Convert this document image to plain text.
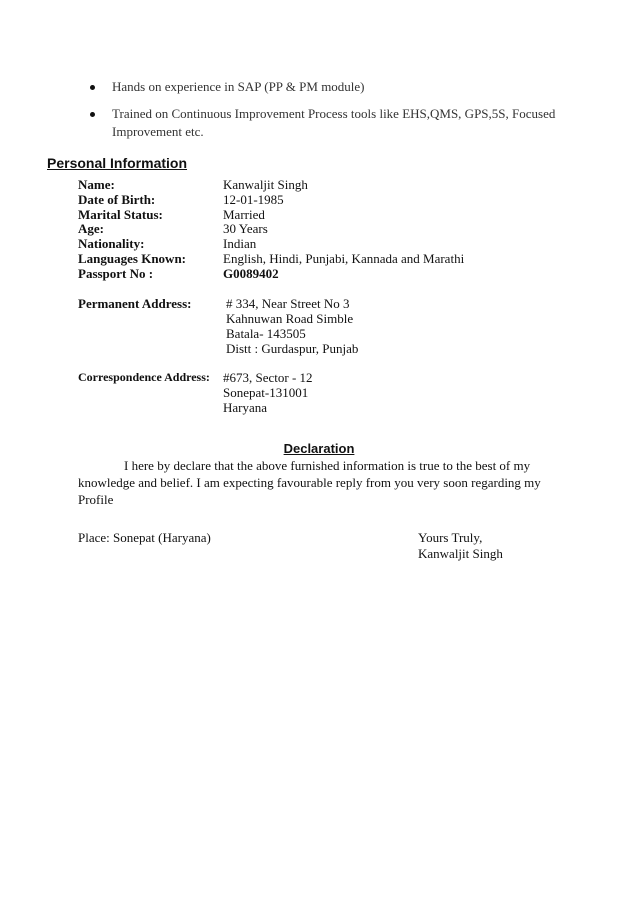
Hands on experience in SAP (PP & PM module)
Trained on Continuous Improvement Process tools like EHS,QMS, GPS,5S, Focused Improvement etc.
Personal Information
Name:	Kanwaljit Singh
Date of Birth:	12-01-1985
Marital Status:	Married
Age:	30 Years
Nationality:	Indian
Languages Known:	English, Hindi, Punjabi, Kannada and Marathi
Passport No :	G0089402
Permanent Address:	# 334, Near Street No 3
Kahnuwan Road Simble
Batala- 143505
Distt : Gurdaspur, Punjab
Correspondence Address: #673, Sector - 12
Sonepat-131001
Haryana
Declaration
I here by declare that the above furnished information is true to the best of my knowledge and belief. I am expecting favourable reply from you very soon regarding my Profile
Place: Sonepat (Haryana)	Yours Truly,
Kanwaljit Singh
